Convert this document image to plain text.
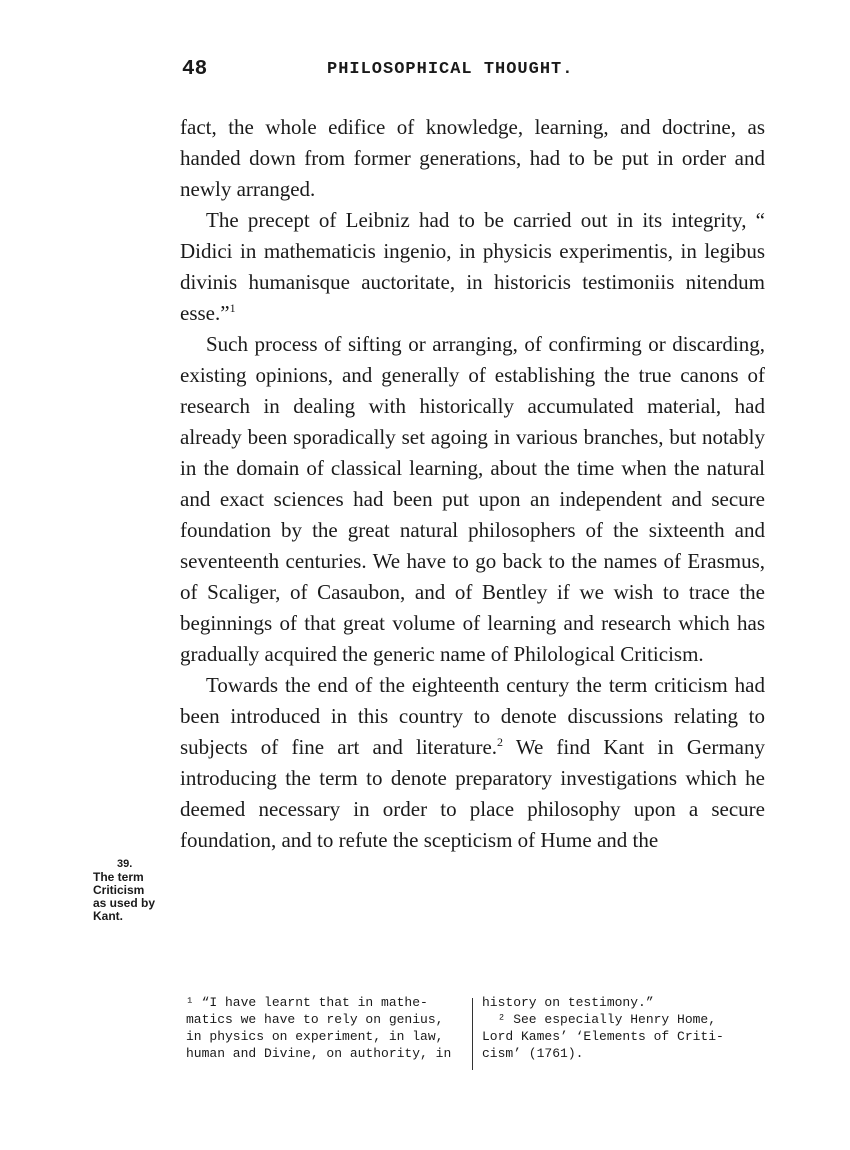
48	PHILOSOPHICAL THOUGHT.

fact, the whole edifice of knowledge, learning, and doctrine, as handed down from former generations, had to be put in order and newly arranged.

The precept of Leibniz had to be carried out in its integrity, “ Didici in mathematicis ingenio, in physicis experimentis, in legibus divinis humanisque auctoritate, in historicis testimoniis nitendum esse.”$^1$

Such process of sifting or arranging, of confirming or discarding, existing opinions, and generally of establishing the true canons of research in dealing with historically accumulated material, had already been sporadically set agoing in various branches, but notably in the domain of classical learning, about the time when the natural and exact sciences had been put upon an independent and secure foundation by the great natural philosophers of the sixteenth and seventeenth centuries. We have to go back to the names of Erasmus, of Scaliger, of Casaubon, and of Bentley if we wish to trace the beginnings of that great volume of learning and research which has gradually acquired the generic name of Philological Criticism.

Towards the end of the eighteenth century the term criticism had been introduced in this country to denote discussions relating to subjects of fine art and literature.$^2$ We find Kant in Germany introducing the term to denote preparatory investigations which he deemed necessary in order to place philosophy upon a secure foundation, and to refute the scepticism of Hume and the

39.
The term
Criticism
as used by
Kant.
¹ “I have learnt that in mathe-
matics we have to rely on genius,
in physics on experiment, in law,
human and Divine, on authority, in
history on testimony.”
² See especially Henry Home,
Lord Kames’ ‘Elements of Criti-
cism’ (1761).
